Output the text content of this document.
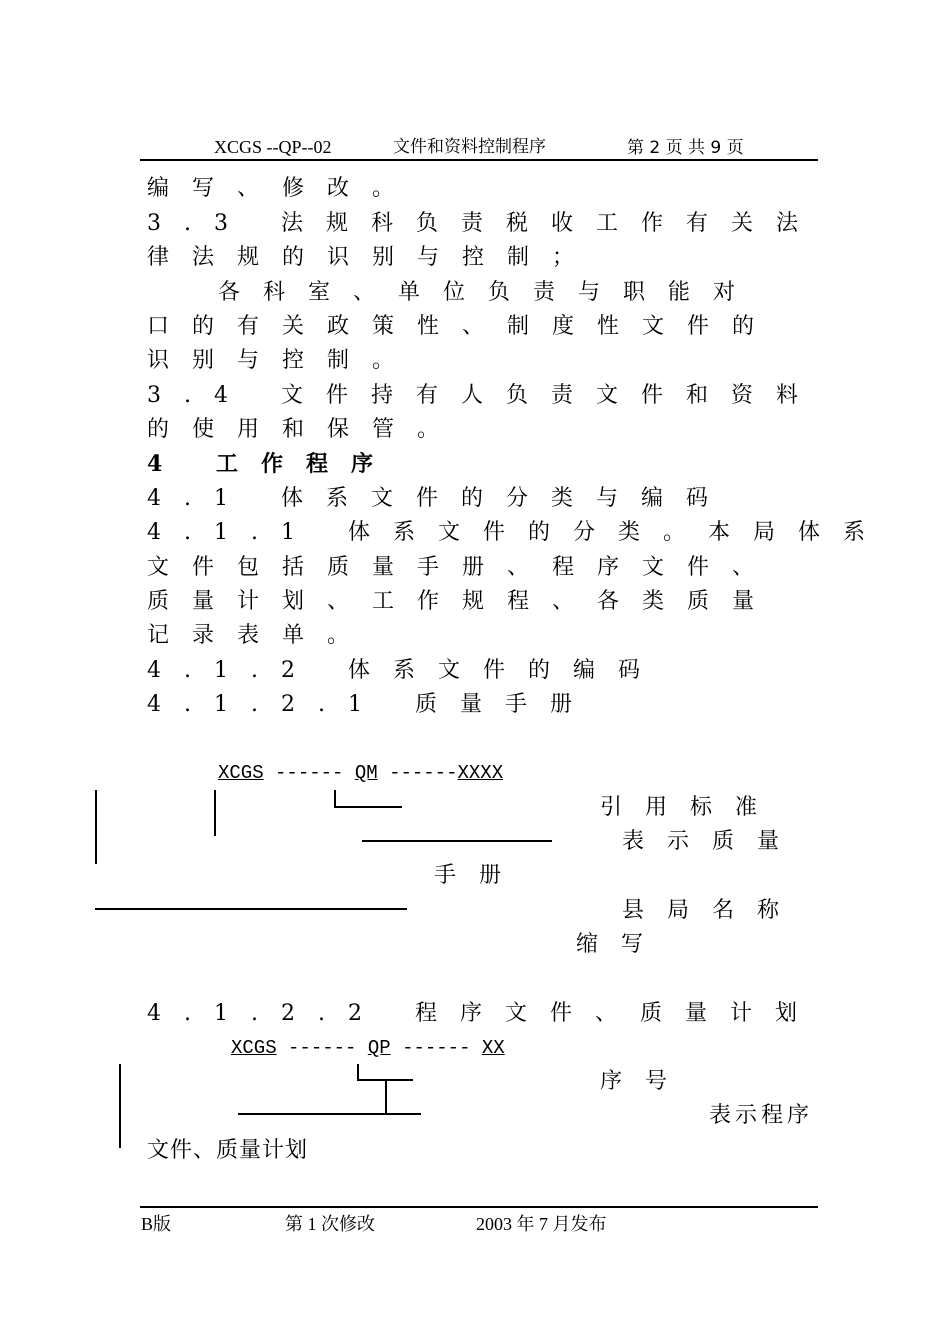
XCGS --QP--02	文件和资料控制程序	第 2 页 共 9 页
编写、修改。
3.3 法规科负责税收工作有关法
律法规的识别与控制；
各科室、单位负责与职能对
口的有关政策性、制度性文件的
识别与控制。
3.4 文件持有人负责文件和资料
的使用和保管。
4 工作程序
4.1 体系文件的分类与编码
4.1.1 体系文件的分类。本局体系
文件包括质量手册、程序文件、
质量计划、工作规程、各类质量
记录表单。
4.1.2 体系文件的编码
4.1.2.1 质量手册
XCGS ------ QM ------XXXX
引用标准
表示质量
手册
县局名称
缩写
4.1.2.2 程序文件、质量计划
XCGS ------ QP ------ XX
序号
表示程序
文件、质量计划
B版	第 1 次修改	2003 年 7 月发布
